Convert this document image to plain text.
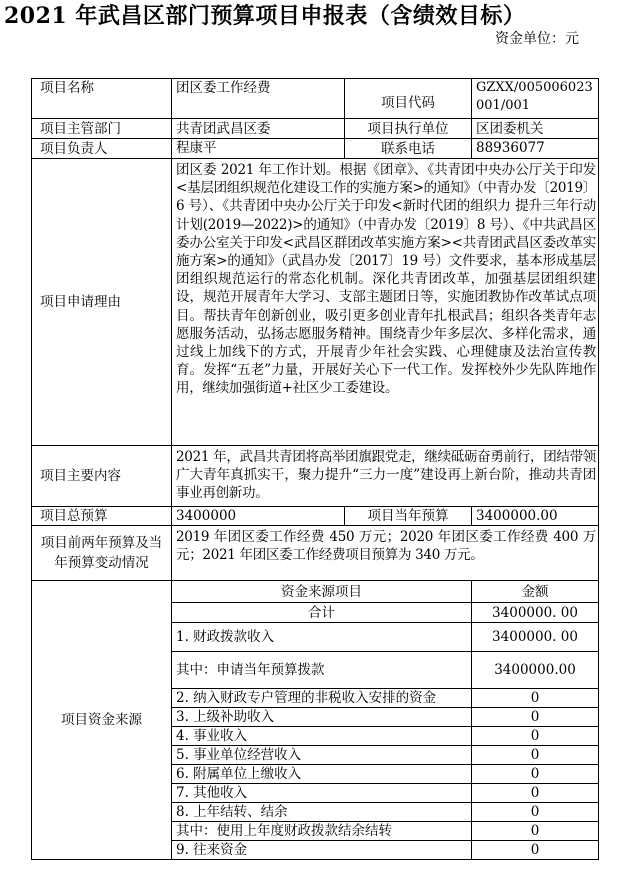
2021 年武昌区部门预算项目申报表（含绩效目标）
资金单位：元
项目名称	团区委工作经费	项目代码	GZXX/005006023001/001
项目主管部门	共青团武昌区委	项目执行单位	区团委机关
项目负责人	程康平	联系电话	88936077
项目申请理由	团区委 2021 年工作计划。根据《团章》、《共青团中央办公厅关于印发<基层团组织规范化建设工作的实施方案>的通知》（中青办发〔2019〕6 号）、《共青团中央办公厅关于印发<新时代团的组织力 提升三年行动计划(2019—2022)>的通知》（中青办发〔2019〕8 号）、《中共武昌区委办公室关于印发<武昌区群团改革实施方案><共青团武昌区委改革实施方案>的通知》（武昌办发〔2017〕19 号）文件要求，基本形成基层团组织规范运行的常态化机制。深化共青团改革，加强基层团组织建设，规范开展青年大学习、支部主题团日等，实施团教协作改革试点项目。帮扶青年创新创业，吸引更多创业青年扎根武昌；组织各类青年志愿服务活动，弘扬志愿服务精神。围绕青少年多层次、多样化需求，通过线上加线下的方式，开展青少年社会实践、心理健康及法治宣传教育。发挥“五老”力量，开展好关心下一代工作。发挥校外少先队阵地作用，继续加强街道+社区少工委建设。		
项目主要内容	2021 年，武昌共青团将高举团旗跟党走，继续砥砺奋勇前行，团结带领广大青年真抓实干，聚力提升“三力一度”建设再上新台阶，推动共青团事业再创新功。		
项目总预算	3400000	项目当年预算	3400000.00
项目前两年预算及当年预算变动情况	2019 年团区委工作经费 450 万元；2020 年团区委工作经费 400 万元；2021 年团区委工作经费项目预算为 340 万元。		
项目资金来源	资金来源项目		金额
	合计		3400000. 00
	1. 财政拨款收入		3400000. 00
	其中：申请当年预算拨款		3400000.00
	2. 纳入财政专户管理的非税收入安排的资金		0
	3. 上级补助收入		0
	4. 事业收入		0
	5. 事业单位经营收入		0
	6. 附属单位上缴收入		0
	7. 其他收入		0
	8. 上年结转、结余		0
	其中：使用上年度财政拨款结余结转		0
	9. 往来资金		0
